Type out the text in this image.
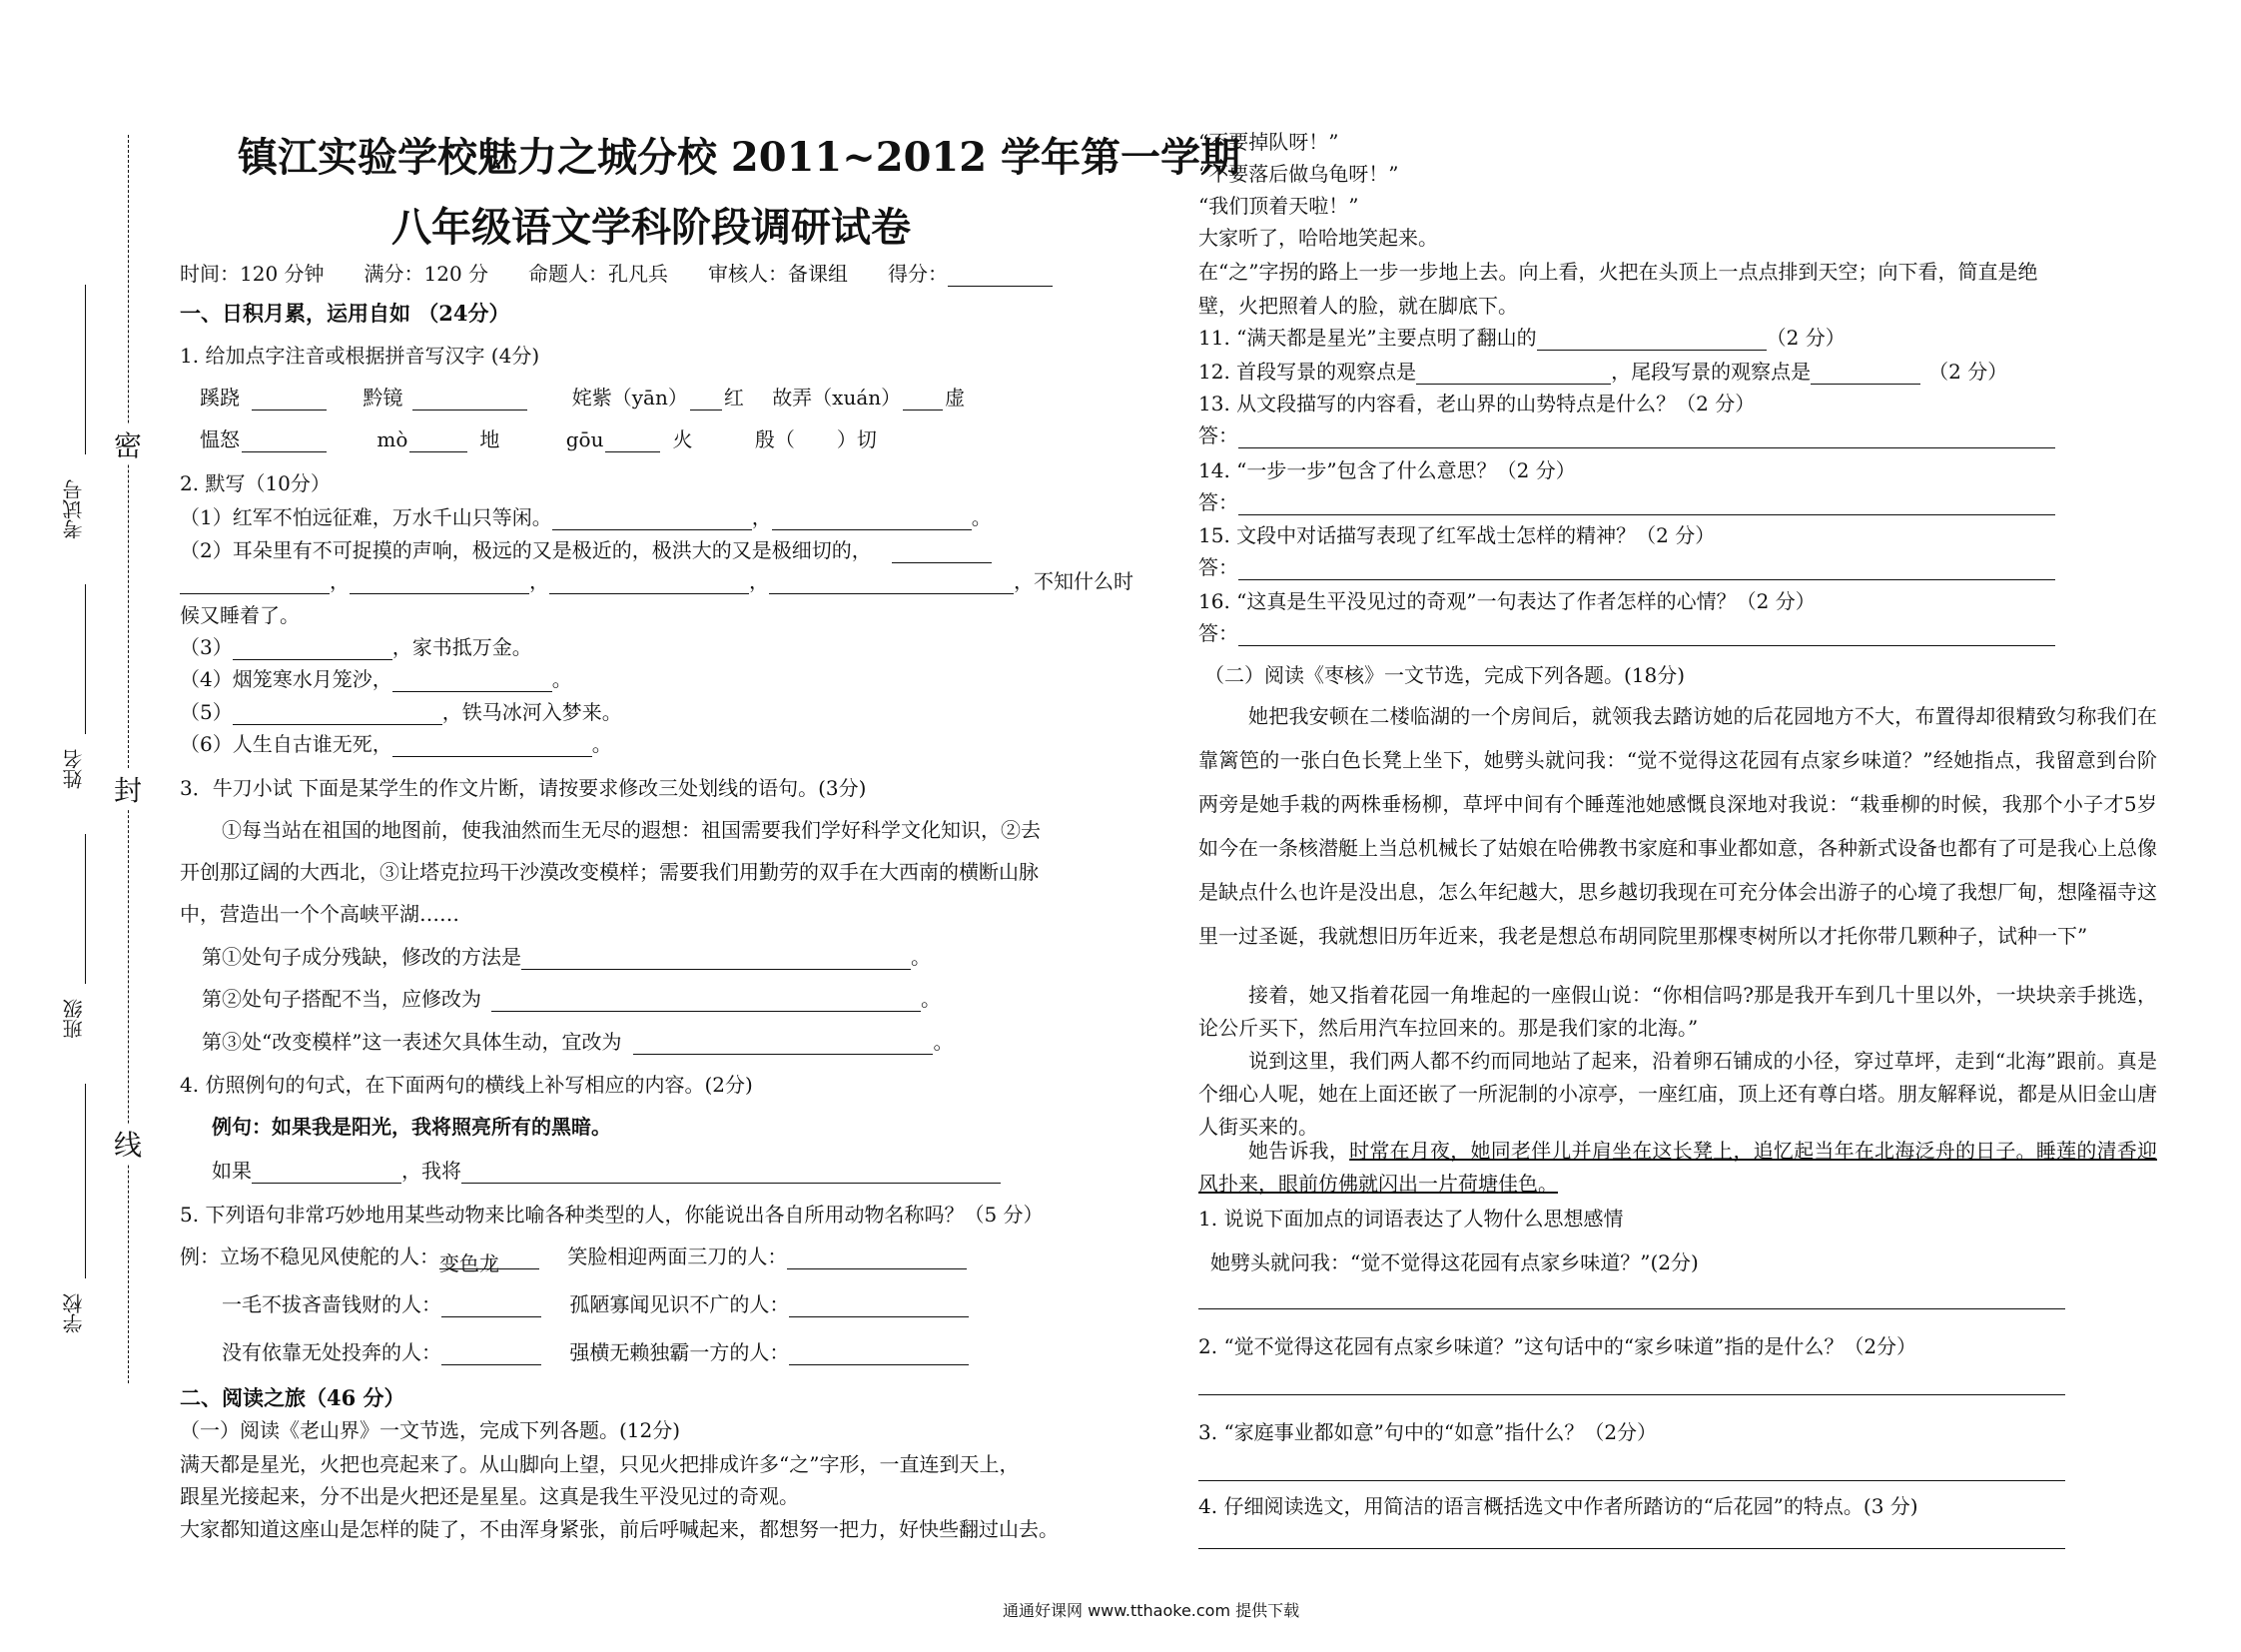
考试号
姓名
班级
学校
密
封
线
镇江实验学校魅力之城分校 2011~2012 学年第一学期
八年级语文学科阶段调研试卷
时间：120 分钟　　满分：120 分　　命题人：孔凡兵　　审核人：备课组　　得分：
一、日积月累，运用自如 （24分）
1. 给加点字注音或根据拼音写汉字 (4分)
蹊跷	黔镜	姹紫（yān） 红 故弄（xuán） 虚
愠怒	mò	地	gōu	火	殷（ ）切
2. 默写（10分）
（1）红军不怕远征难，万水千山只等闲。	，	。
（2）耳朵里有不可捉摸的声响，极远的又是极近的，极洪大的又是极细切的，
，	，	，	，不知什么时
候又睡着了。
（3）	，家书抵万金。
（4）烟笼寒水月笼沙，	。
（5）	，铁马冰河入梦来。
（6）人生自古谁无死，	。
3．牛刀小试 下面是某学生的作文片断，请按要求修改三处划线的语句。(3分)
①每当站在祖国的地图前，使我油然而生无尽的遐想：祖国需要我们学好科学文化知识，②去
开创那辽阔的大西北，③让塔克拉玛干沙漠改变模样；需要我们用勤劳的双手在大西南的横断山脉
中，营造出一个个高峡平湖……
第①处句子成分残缺，修改的方法是	。
第②处句子搭配不当，应修改为	。
第③处“改变模样”这一表述欠具体生动，宜改为	。
4. 仿照例句的句式，在下面两句的横线上补写相应的内容。(2分)
例句：如果我是阳光，我将照亮所有的黑暗。
如果	，我将
5. 下列语句非常巧妙地用某些动物来比喻各种类型的人，你能说出各自所用动物名称吗？（5 分）
例：立场不稳见风使舵的人：变色龙	笑脸相迎两面三刀的人：
一毛不拔吝啬钱财的人：	孤陋寡闻见识不广的人：
没有依靠无处投奔的人：	强横无赖独霸一方的人：
二、阅读之旅（46 分）
（一）阅读《老山界》一文节选，完成下列各题。(12分)
满天都是星光，火把也亮起来了。从山脚向上望，只见火把排成许多“之”字形，一直连到天上，
跟星光接起来，分不出是火把还是星星。这真是我生平没见过的奇观。
大家都知道这座山是怎样的陡了，不由浑身紧张，前后呼喊起来，都想努一把力，好快些翻过山去。
“不要掉队呀！”
“不要落后做乌龟呀！”
“我们顶着天啦！”
大家听了，哈哈地笑起来。
在“之”字拐的路上一步一步地上去。向上看，火把在头顶上一点点排到天空；向下看，简直是绝
壁，火把照着人的脸，就在脚底下。
11. “满天都是星光”主要点明了翻山的	（2 分）
12. 首段写景的观察点是	，尾段写景的观察点是	（2 分）
13. 从文段描写的内容看，老山界的山势特点是什么？（2 分）
答：
14. “一步一步”包含了什么意思？（2 分）
答：
15. 文段中对话描写表现了红军战士怎样的精神？（2 分）
答：
16. “这真是生平没见过的奇观”一句表达了作者怎样的心情？（2 分）
答：
（二）阅读《枣核》一文节选，完成下列各题。(18分)
她把我安顿在二楼临湖的一个房间后，就领我去踏访她的后花园地方不大，布置得却很精致匀称我们在靠篱笆的一张白色长凳上坐下，她劈头就问我：“觉不觉得这花园有点家乡味道？”经她指点，我留意到台阶两旁是她手栽的两株垂杨柳，草坪中间有个睡莲池她感慨良深地对我说：“栽垂柳的时候，我那个小子才5岁如今在一条核潜艇上当总机械长了姑娘在哈佛教书家庭和事业都如意，各种新式设备也都有了可是我心上总像是缺点什么也许是没出息，怎么年纪越大，思乡越切我现在可充分体会出游子的心境了我想厂甸，想隆福寺这里一过圣诞，我就想旧历年近来，我老是想总布胡同院里那棵枣树所以才托你带几颗种子，试种一下”
接着，她又指着花园一角堆起的一座假山说：“你相信吗?那是我开车到几十里以外，一块块亲手挑选，论公斤买下，然后用汽车拉回来的。那是我们家的北海。”
说到这里，我们两人都不约而同地站了起来，沿着卵石铺成的小径，穿过草坪，走到“北海”跟前。真是个细心人呢，她在上面还嵌了一所泥制的小凉亭，一座红庙，顶上还有尊白塔。朋友解释说，都是从旧金山唐人街买来的。
她告诉我，时常在月夜，她同老伴儿并肩坐在这长凳上，追忆起当年在北海泛舟的日子。睡莲的清香迎风扑来，眼前仿佛就闪出一片荷塘佳色。
1. 说说下面加点的词语表达了人物什么思想感情
她劈头就问我：“觉不觉得这花园有点家乡味道？”(2分)
2. “觉不觉得这花园有点家乡味道？”这句话中的“家乡味道”指的是什么？（2分）
3. “家庭事业都如意”句中的“如意”指什么？（2分）
4. 仔细阅读选文，用简洁的语言概括选文中作者所踏访的“后花园”的特点。(3 分)
通通好课网 www.tthaoke.com 提供下载
